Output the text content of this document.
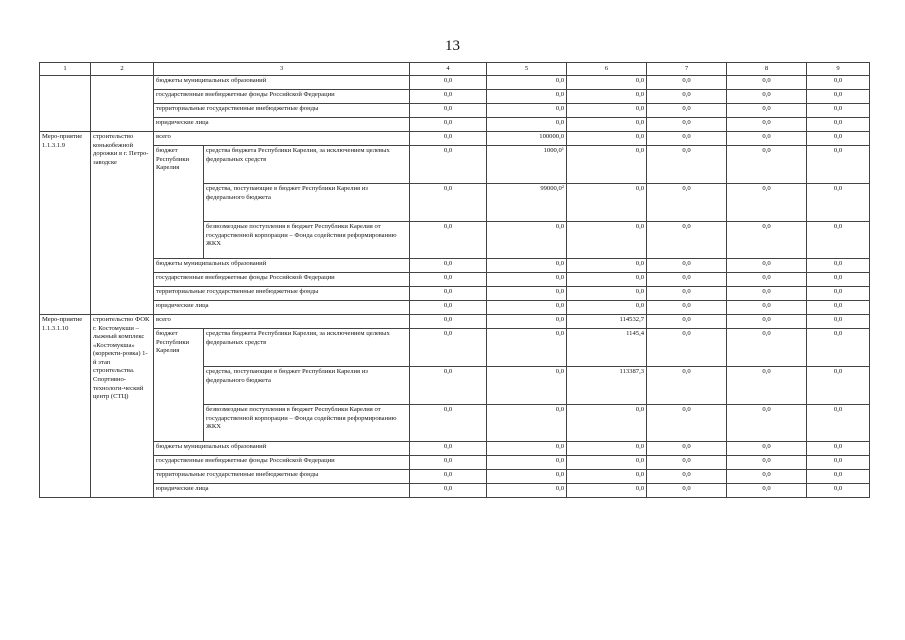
13
1	2	3		4	5	6	7	8	9
		бюджеты муниципальных образований		0,0	0,0	0,0	0,0	0,0	0,0
		государственные внебюджетные фонды Российской Федерации		0,0	0,0	0,0	0,0	0,0	0,0
		территориальные государственные внебюджетные фонды		0,0	0,0	0,0	0,0	0,0	0,0
		юридические лица		0,0	0,0	0,0	0,0	0,0	0,0
Меро-приятие 1.1.3.1.9	строительство конькобежной дорожки в г. Петро-заводске	всего		0,0	100000,0	0,0	0,0	0,0	0,0
		бюджет Республики Карелия	средства бюджета Республики Карелия, за исключением целевых федеральных средств	0,0	1000,0$^1$	0,0	0,0	0,0	0,0
			средства, поступающие в бюджет Республики Карелия из федерального бюджета	0,0	99000,0$^2$	0,0	0,0	0,0	0,0
			безвозмездные поступления в бюджет Республики Карелия от государственной корпорации – Фонда содействия реформированию ЖКХ	0,0	0,0	0,0	0,0	0,0	0,0
		бюджеты муниципальных образований		0,0	0,0	0,0	0,0	0,0	0,0
		государственные внебюджетные фонды Российской Федерации		0,0	0,0	0,0	0,0	0,0	0,0
		территориальные государственные внебюджетные фонды		0,0	0,0	0,0	0,0	0,0	0,0
		юридические лица		0,0	0,0	0,0	0,0	0,0	0,0
Меро-приятие 1.1.3.1.10	строительство ФОК г. Костомукши – лыжный комплекс «Костомукша» (корректи-ровка) 1-й этап строительства. Спортивно-технологи-ческий центр (СТЦ)	всего		0,0	0,0	114532,7	0,0	0,0	0,0
		бюджет Республики Карелия	средства бюджета Республики Карелия, за исключением целевых федеральных средств	0,0	0,0	1145,4	0,0	0,0	0,0
			средства, поступающие в бюджет Республики Карелия из федерального бюджета	0,0	0,0	113387,3	0,0	0,0	0,0
			безвозмездные поступления в бюджет Республики Карелия от государственной корпорации – Фонда содействия реформированию ЖКХ	0,0	0,0	0,0	0,0	0,0	0,0
		бюджеты муниципальных образований		0,0	0,0	0,0	0,0	0,0	0,0
		государственные внебюджетные фонды Российской Федерации		0,0	0,0	0,0	0,0	0,0	0,0
		территориальные государственные внебюджетные фонды		0,0	0,0	0,0	0,0	0,0	0,0
		юридические лица		0,0	0,0	0,0	0,0	0,0	0,0
